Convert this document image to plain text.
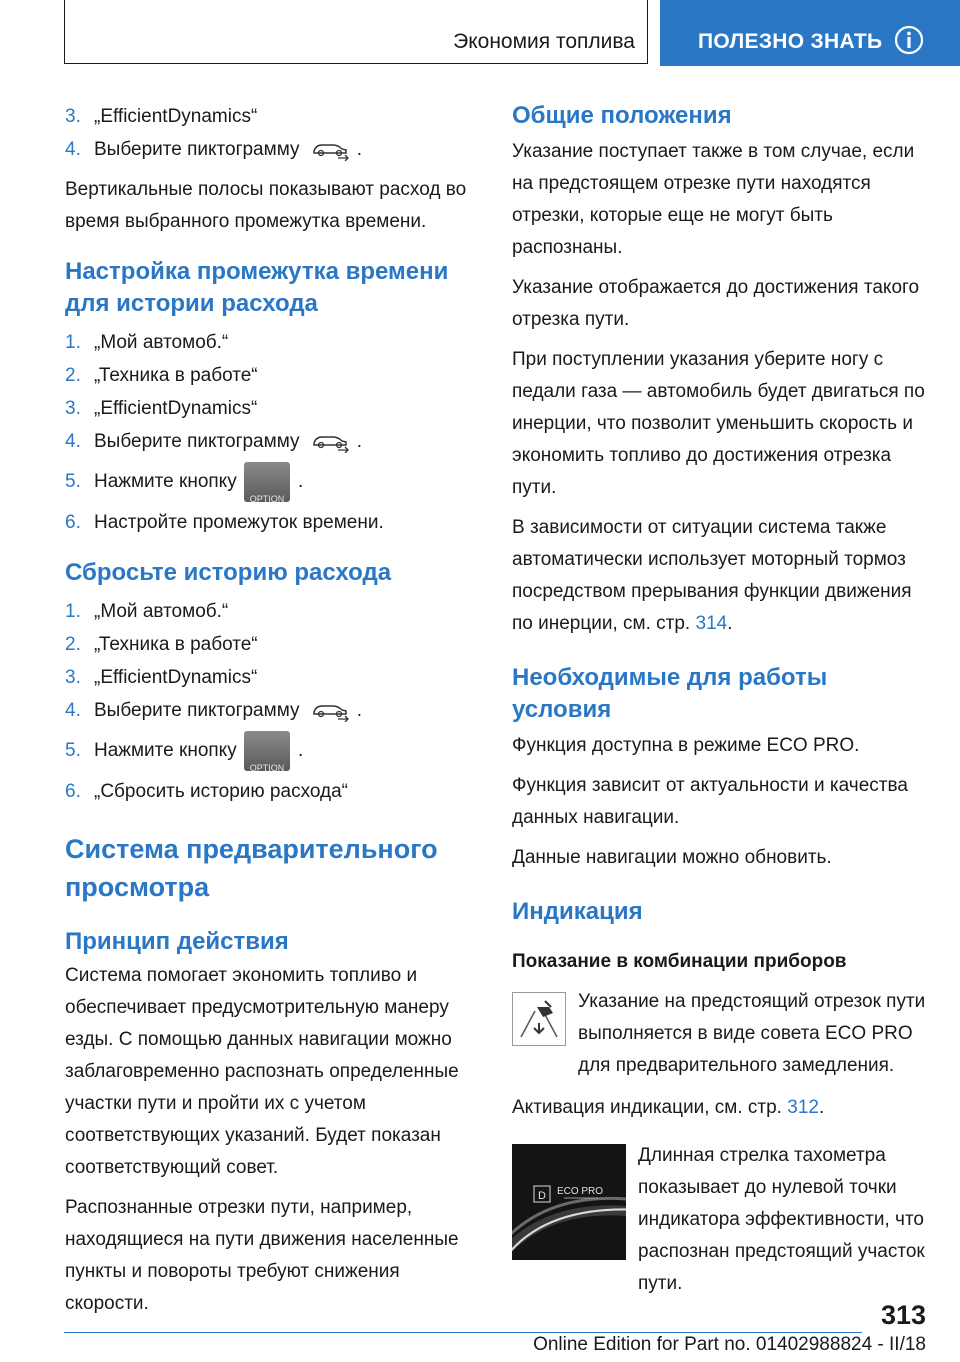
Экономия топлива	ПОЛЕЗНО ЗНАТЬ
3. „EfficientDynamics“
4. Выберите пиктограмму	.

Вертикальные полосы показывают расход во время выбранного промежутка времени.

Настройка промежутка времени для истории расхода
1. „Мой автомоб.“
2. „Техника в работе“
3. „EfficientDynamics“
4. Выберите пиктограмму	.
5. Нажмите кнопку
OPTION
.
6. Настройте промежуток времени.
Сбросьте историю расхода
1. „Мой автомоб.“
2. „Техника в работе“
3. „EfficientDynamics“
4. Выберите пиктограмму	.
5. Нажмите кнопку
OPTION
.
6. „Сбросить историю расхода“
Система предварительного просмотра
Принцип действия

Система помогает экономить топливо и обеспечивает предусмотрительную манеру езды. С помощью данных навигации можно заблаговременно распознать определенные участки пути и пройти их с учетом соответствующих указаний. Будет показан соответствующий совет.

Распознанные отрезки пути, например, находящиеся на пути движения населенные пункты и повороты требуют снижения скорости.

Общие положения

Указание поступает также в том случае, если на предстоящем отрезке пути находятся отрезки, которые еще не могут быть распознаны.

Указание отображается до достижения такого отрезка пути.

При поступлении указания уберите ногу с педали газа — автомобиль будет двигаться по инерции, что позволит уменьшить скорость и экономить топливо до достижения отрезка пути.

В зависимости от ситуации система также автоматически использует моторный тормоз посредством прерывания функции движения по инерции, см. стр. 314.

Необходимые для работы условия

Функция доступна в режиме ECO PRO.

Функция зависит от актуальности и качества данных навигации.

Данные навигации можно обновить.

Индикация
Показание в комбинации приборов

Указание на предстоящий отрезок пути выполняется в виде совета ECO PRO для предварительного замедления.

Активация индикации, см. стр. 312.

D ECO PRO

Длинная стрелка тахометра показывает до нулевой точки индикатора эффективности, что распознан предстоящий участок пути.

313
Online Edition for Part no. 01402988824 - II/18
